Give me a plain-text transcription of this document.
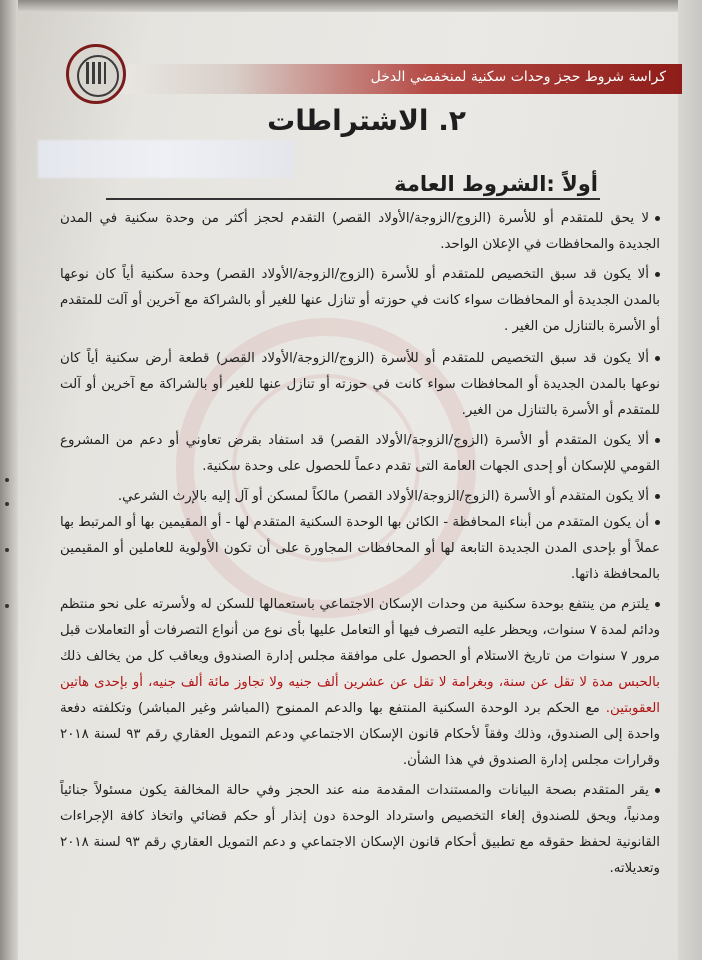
كراسة شروط حجز وحدات سكنية لمنخفضي الدخل
٢. الاشتراطات
أولاً :الشروط العامة
لا يحق للمتقدم أو للأسرة (الزوج/الزوجة/الأولاد القصر) التقدم لحجز أكثر من وحدة سكنية في المدن الجديدة والمحافظات في الإعلان الواحد.
ألا يكون قد سبق التخصيص للمتقدم أو للأسرة (الزوج/الزوجة/الأولاد القصر) وحدة سكنية أياً كان نوعها بالمدن الجديدة أو المحافظات سواء كانت في حوزته أو تنازل عنها للغير أو بالشراكة مع آخرين أو آلت للمتقدم أو الأسرة بالتنازل من الغير .
ألا يكون قد سبق التخصيص للمتقدم أو للأسرة (الزوج/الزوجة/الأولاد القصر) قطعة أرض سكنية أياً كان نوعها بالمدن الجديدة أو المحافظات سواء كانت في حوزته أو تنازل عنها للغير أو بالشراكة مع آخرين أو آلت للمتقدم أو الأسرة بالتنازل من الغير.
ألا يكون المتقدم أو الأسرة (الزوج/الزوجة/الأولاد القصر) قد استفاد بقرض تعاوني أو دعم من المشروع القومي للإسكان أو إحدى الجهات العامة التى تقدم دعماً للحصول على وحدة سكنية.
ألا يكون المتقدم أو الأسرة (الزوج/الزوجة/الأولاد القصر) مالكاً لمسكن أو آل إليه بالإرث الشرعي.
أن يكون المتقدم من أبناء المحافظة - الكائن بها الوحدة السكنية المتقدم لها - أو المقيمين بها أو المرتبط بها عملاً أو بإحدى المدن الجديدة التابعة لها أو المحافظات المجاورة على أن تكون الأولوية للعاملين أو المقيمين بالمحافظة ذاتها.
يلتزم من ينتفع بوحدة سكنية من وحدات الإسكان الاجتماعي باستعمالها للسكن له ولأسرته على نحو منتظم ودائم لمدة ٧ سنوات، ويحظر عليه التصرف فيها أو التعامل عليها بأى نوع من أنواع التصرفات أو التعاملات قبل مرور ٧ سنوات من تاريخ الاستلام أو الحصول على موافقة مجلس إدارة الصندوق ويعاقب كل من يخالف ذلك بالحبس مدة لا تقل عن سنة، وبغرامة لا تقل عن عشرين ألف جنيه ولا تجاوز مائة ألف جنيه، أو بإحدى هاتين العقوبتين. مع الحكم برد الوحدة السكنية المنتفع بها والدعم الممنوح (المباشر وغير المباشر) وتكلفته دفعة واحدة إلى الصندوق، وذلك وفقاً لأحكام قانون الإسكان الاجتماعي ودعم التمويل العقاري رقم ٩٣ لسنة ٢٠١٨ وقرارات مجلس إدارة الصندوق في هذا الشأن.
يقر المتقدم بصحة البيانات والمستندات المقدمة منه عند الحجز وفي حالة المخالفة يكون مسئولاً جنائياً ومدنياً، ويحق للصندوق إلغاء التخصيص واسترداد الوحدة دون إنذار أو حكم قضائي واتخاذ كافة الإجراءات القانونية لحفظ حقوقه مع تطبيق أحكام قانون الإسكان الاجتماعي و دعم التمويل العقاري رقم ٩٣ لسنة ٢٠١٨ وتعديلاته.
